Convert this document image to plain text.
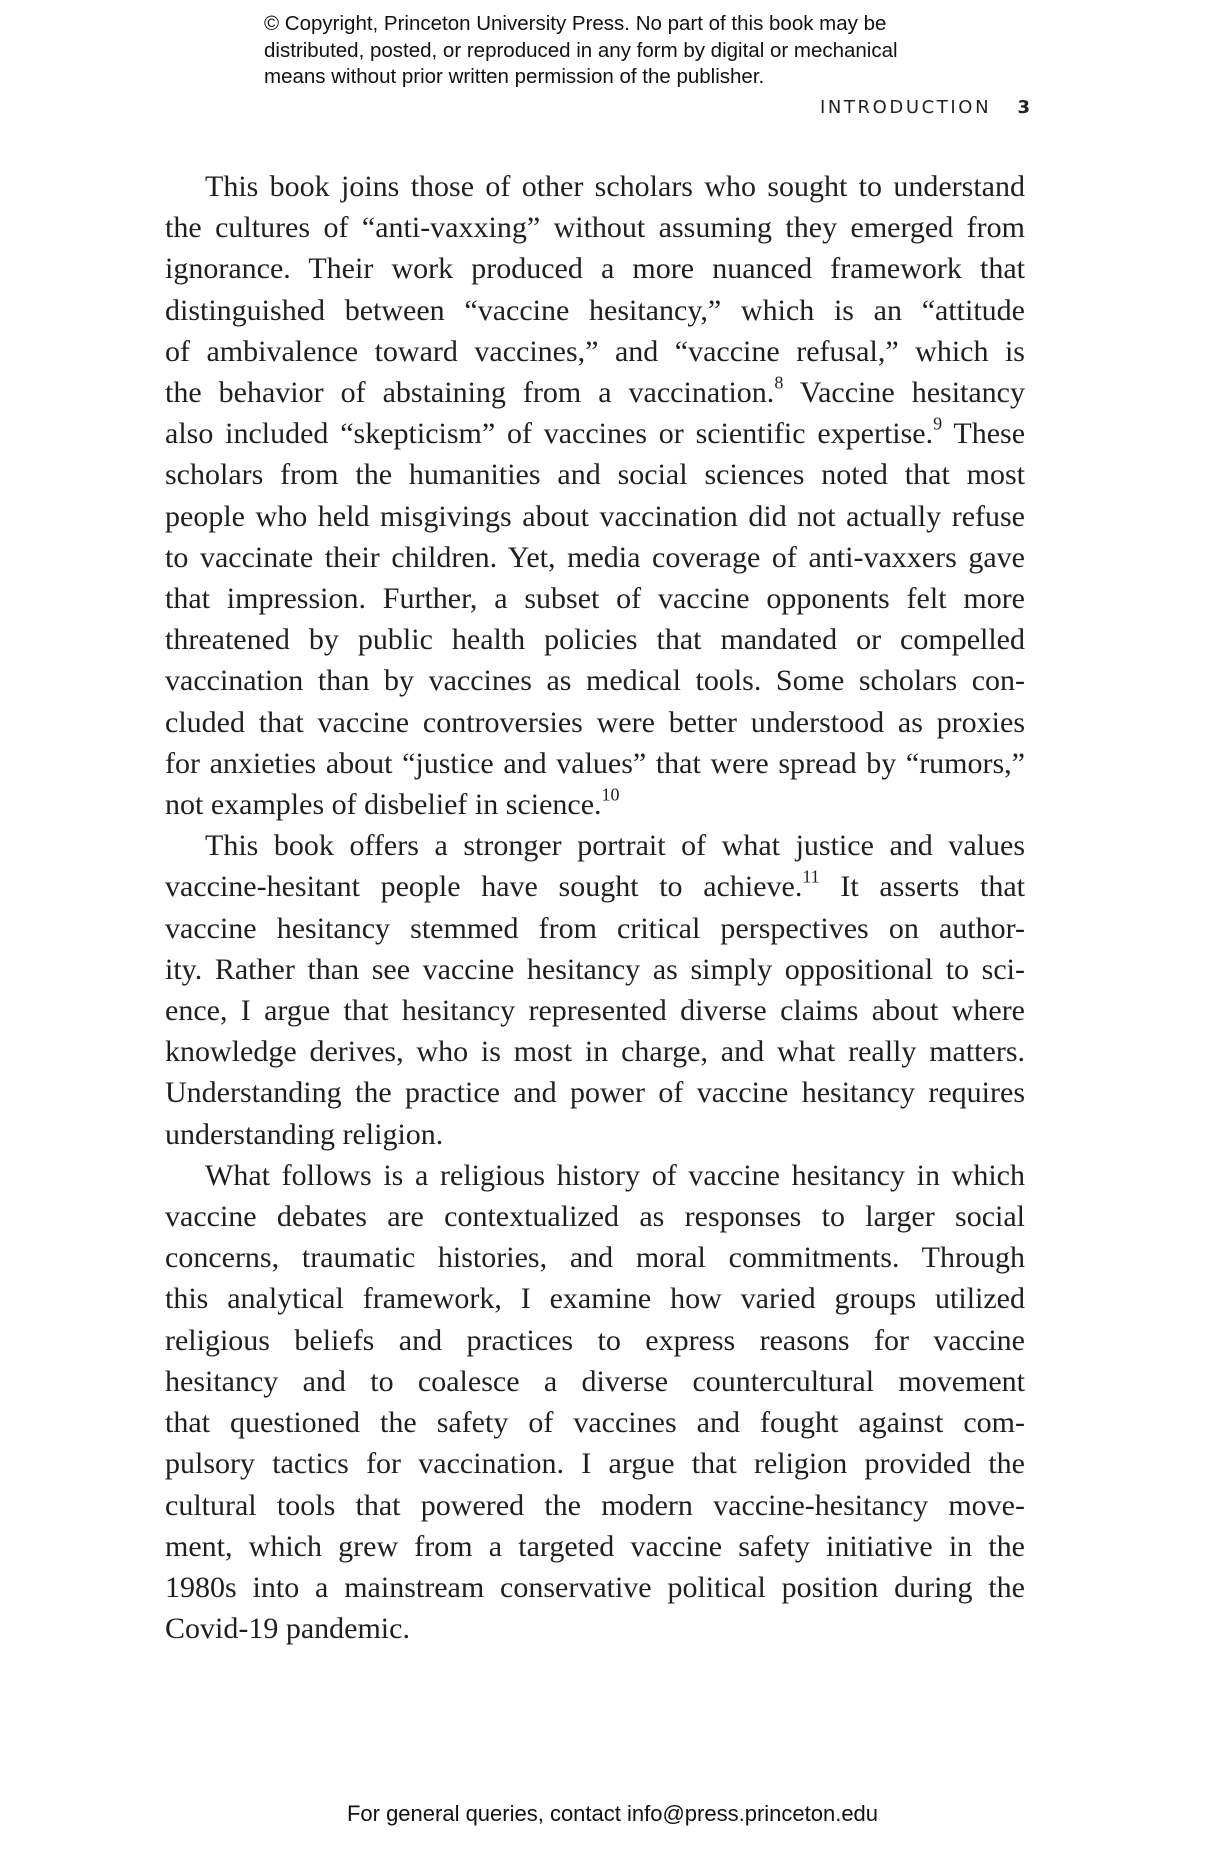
© Copyright, Princeton University Press. No part of this book may be
distributed, posted, or reproduced in any form by digital or mechanical
means without prior written permission of the publisher.
INTRODUCTION 3
This book joins those of other scholars who sought to understand
the cultures of “anti-vaxxing” without assuming they emerged from
ignorance. Their work produced a more nuanced framework that
distinguished between “vaccine hesitancy,” which is an “attitude
of ambivalence toward vaccines,” and “vaccine refusal,” which is
the behavior of abstaining from a vaccination.$^8$ Vaccine hesitancy
also included “skepticism” of vaccines or scientific expertise.$^9$ These
scholars from the humanities and social sciences noted that most
people who held misgivings about vaccination did not actually refuse
to vaccinate their children. Yet, media coverage of anti-vaxxers gave
that impression. Further, a subset of vaccine opponents felt more
threatened by public health policies that mandated or compelled
vaccination than by vaccines as medical tools. Some scholars con-
cluded that vaccine controversies were better understood as proxies
for anxieties about “justice and values” that were spread by “rumors,”
not examples of disbelief in science.$^{10}$
This book offers a stronger portrait of what justice and values
vaccine-hesitant people have sought to achieve.$^{11}$ It asserts that
vaccine hesitancy stemmed from critical perspectives on author-
ity. Rather than see vaccine hesitancy as simply oppositional to sci-
ence, I argue that hesitancy represented diverse claims about where
knowledge derives, who is most in charge, and what really matters.
Understanding the practice and power of vaccine hesitancy requires
understanding religion.
What follows is a religious history of vaccine hesitancy in which
vaccine debates are contextualized as responses to larger social
concerns, traumatic histories, and moral commitments. Through
this analytical framework, I examine how varied groups utilized
religious beliefs and practices to express reasons for vaccine
hesitancy and to coalesce a diverse countercultural movement
that questioned the safety of vaccines and fought against com-
pulsory tactics for vaccination. I argue that religion provided the
cultural tools that powered the modern vaccine-hesitancy move-
ment, which grew from a targeted vaccine safety initiative in the
1980s into a mainstream conservative political position during the
Covid-19 pandemic.
For general queries, contact info@press.princeton.edu
